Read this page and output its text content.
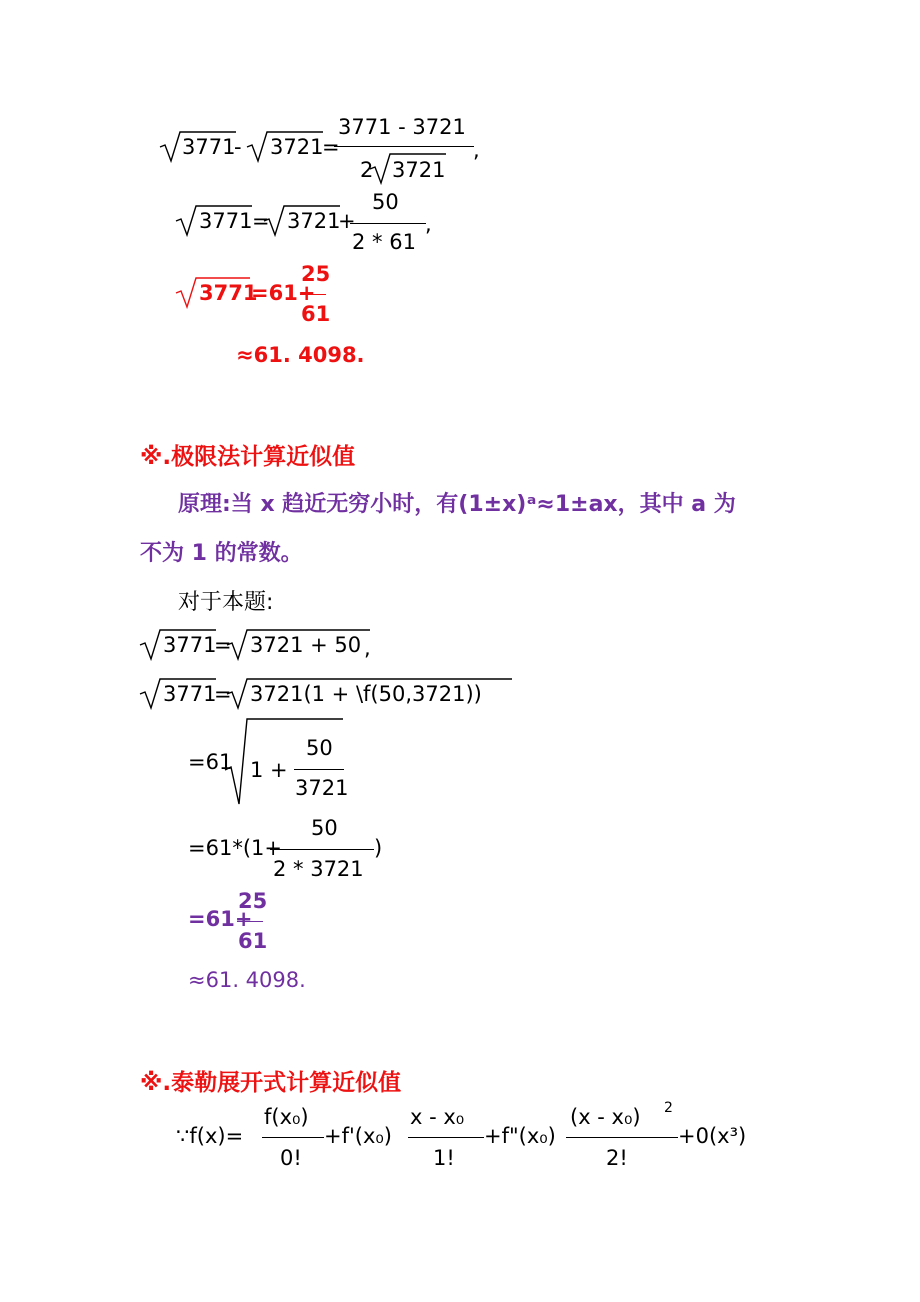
3771
- 3721
=
3771 - 3721
2 3721
,
3771 = 3721
+
50
2 * 61
,
3771
=61+
25
61
≈61. 4098.
※.极限法计算近似值
原理:当 x 趋近无穷小时，有(1±x)ᵃ≈1±ax，其中 a 为
不为 1 的常数。
对于本题:
3771
= 3721 + 50 ,
3771
= 3721(1 + \f(50,3721))
=61 1 +
50
3721
=61*(1+
50
2 * 3721
)
=61+
25
61
≈61. 4098.
※.泰勒展开式计算近似值
∵f(x)=
f(x₀)
0!
+f'(x₀)
x - x₀
1!
+f"(x₀)
(x - x₀) 2
2!
+0(x³)
